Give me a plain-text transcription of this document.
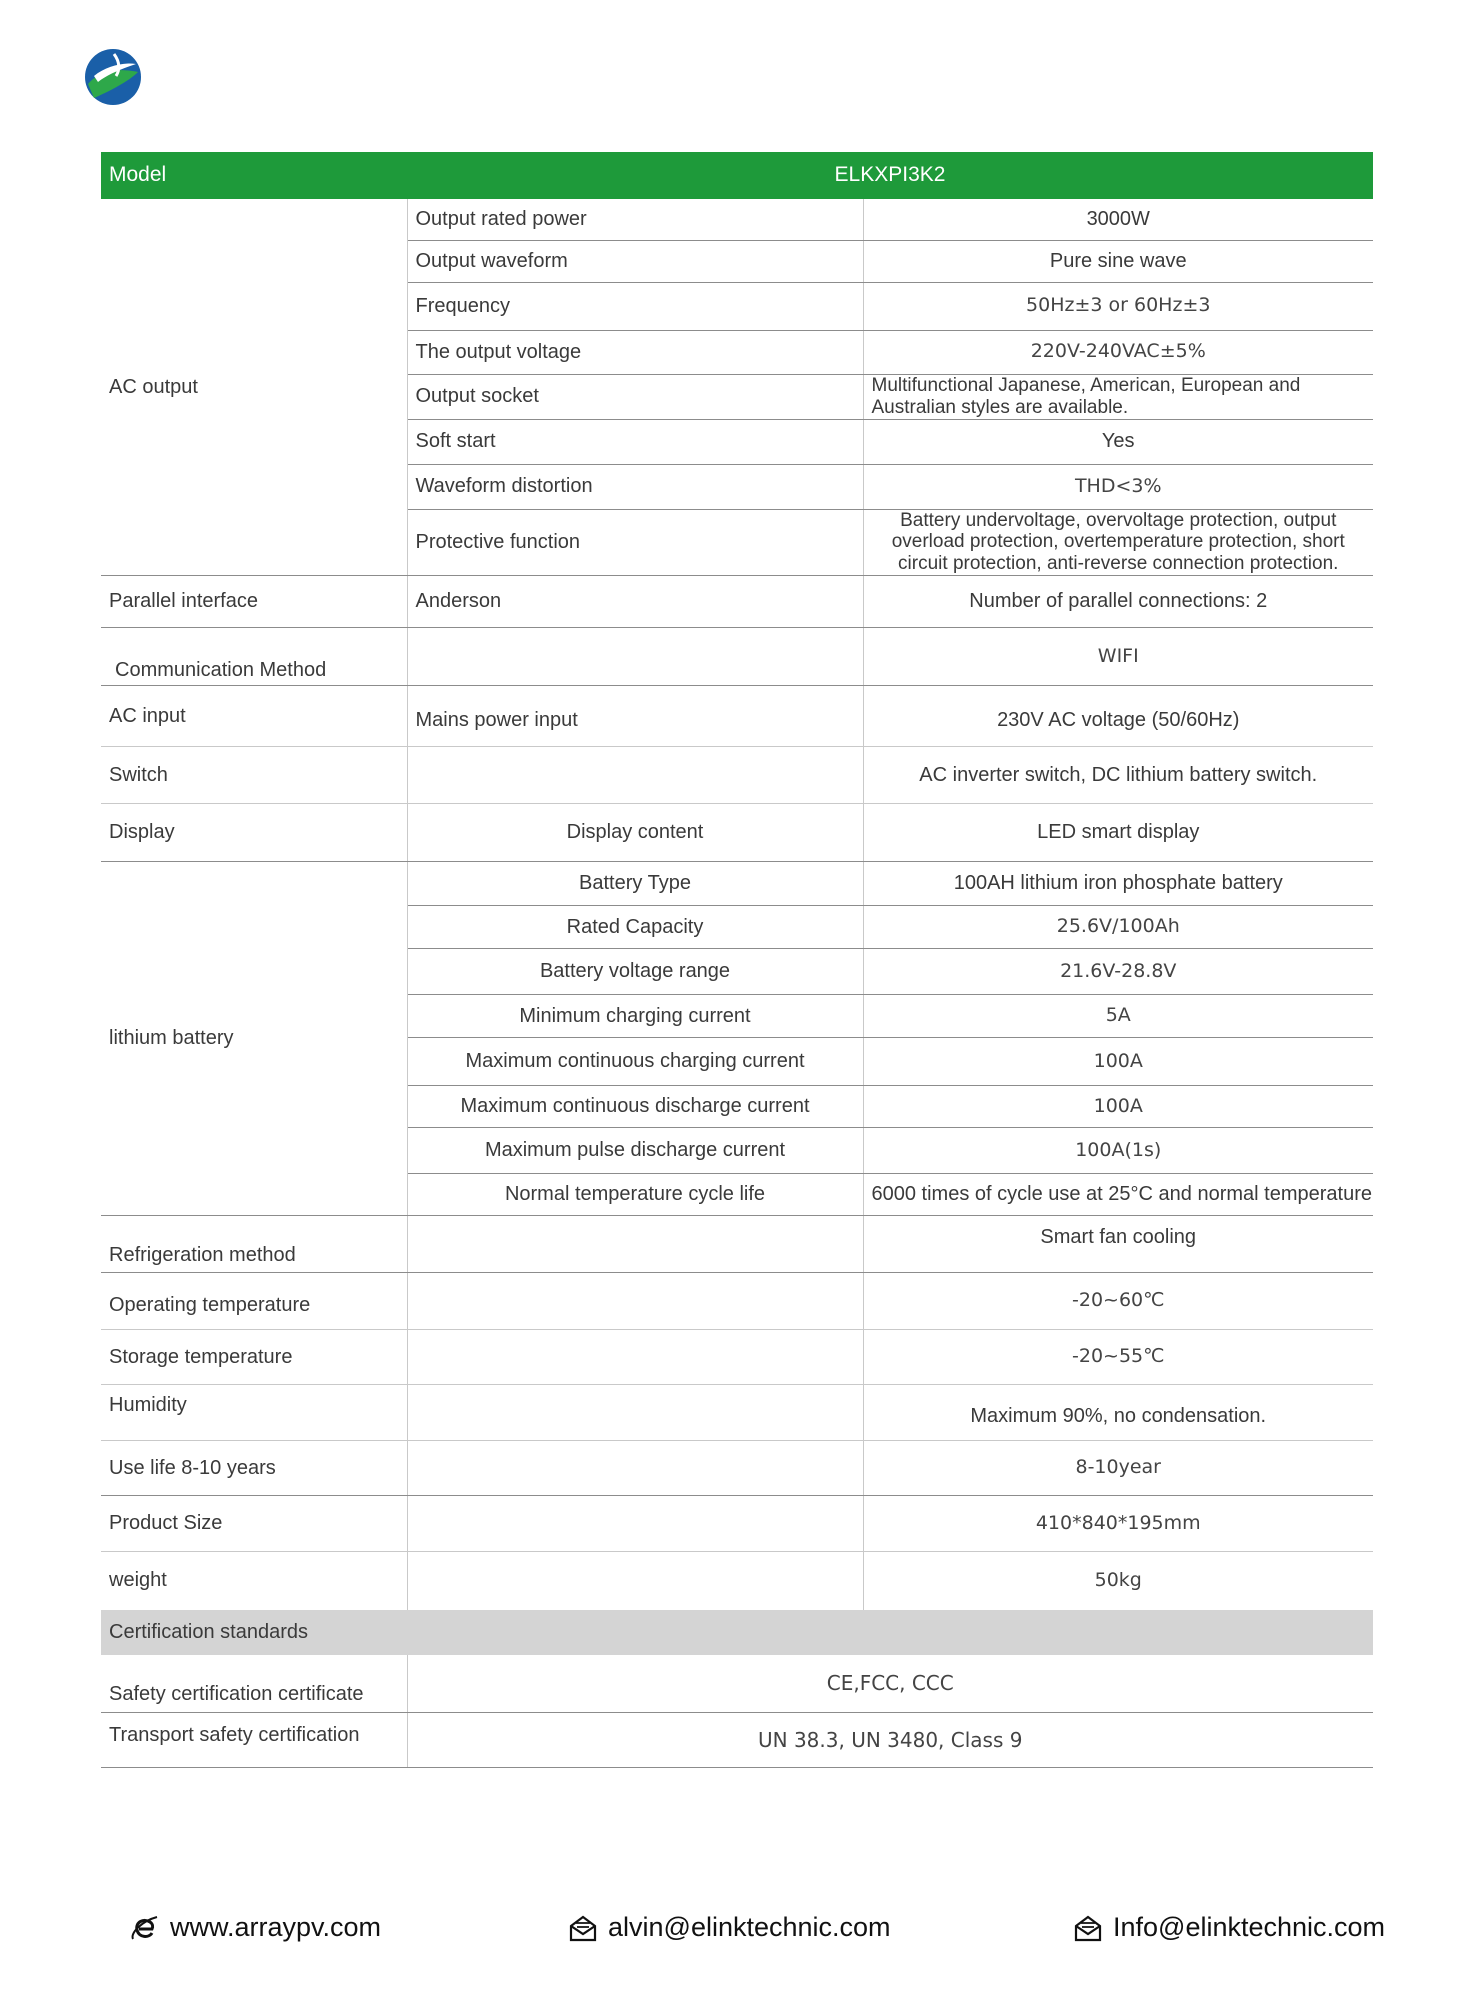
Model	ELKXPI3K2	
AC output	Output rated power	3000W
	Output waveform	Pure sine wave
	Frequency	50Hz±3 or 60Hz±3
	The output voltage	220V-240VAC±5%
	Output socket	Multifunctional Japanese, American, European and Australian styles are available.
	Soft start	Yes
	Waveform distortion	THD<3%
	Protective function	Battery undervoltage, overvoltage protection, output overload protection, overtemperature protection, short circuit protection, anti-reverse connection protection.
Parallel interface	Anderson	Number of parallel connections: 2
Communication Method		WIFI
AC input	Mains power input	230V AC voltage (50/60Hz)
Switch		AC inverter switch, DC lithium battery switch.
Display	Display content	LED smart display
lithium battery	Battery Type	100AH lithium iron phosphate battery
	Rated Capacity	25.6V/100Ah
	Battery voltage range	21.6V-28.8V
	Minimum charging current	5A
	Maximum continuous charging current	100A
	Maximum continuous discharge current	100A
	Maximum pulse discharge current	100A(1s)
	Normal temperature cycle life	6000 times of cycle use at 25°C and normal temperature
Refrigeration method		Smart fan cooling
Operating temperature		-20~60℃
Storage temperature		-20~55℃
Humidity		Maximum 90%, no condensation.
Use life 8-10 years		8-10year
Product Size		410*840*195mm
weight		50kg
Certification standards		
Safety certification certificate	CE,FCC, CCC	
Transport safety certification	UN 38.3, UN 3480, Class 9	
www.arraypv.com	alvin@elinktechnic.com	Info@elinktechnic.com
